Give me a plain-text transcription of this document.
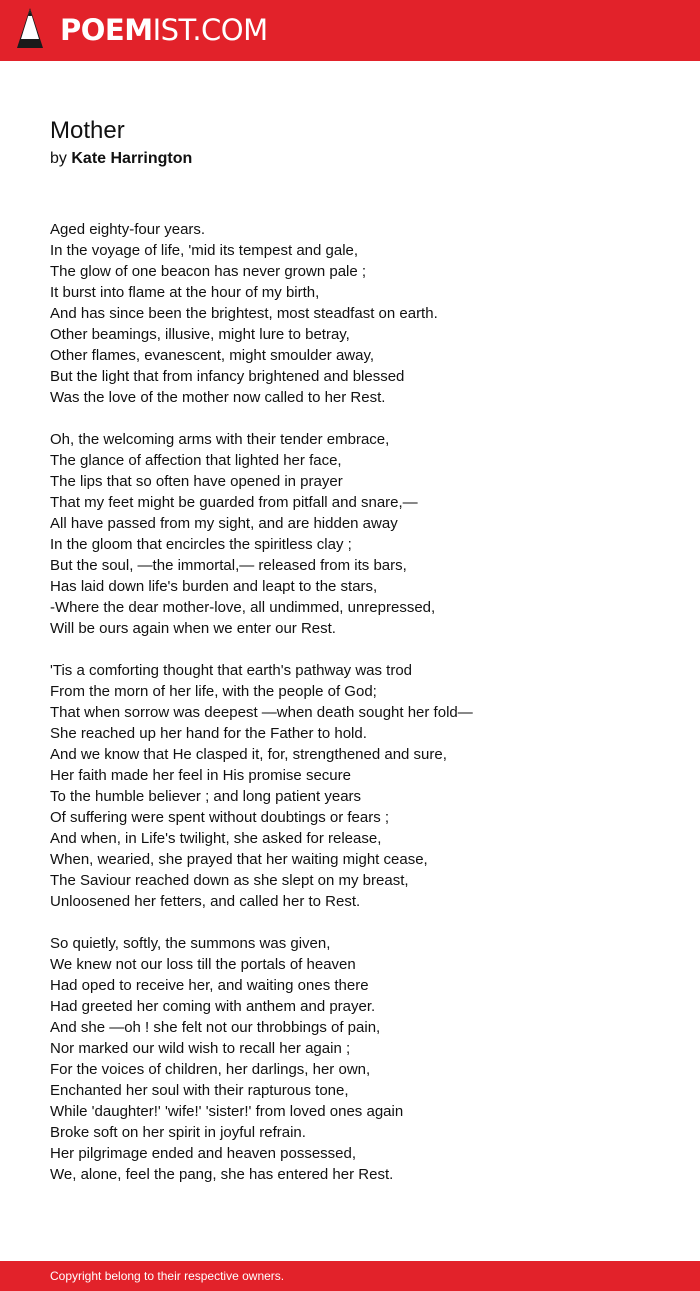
POEMIST.COM
Mother
by Kate Harrington
Aged eighty-four years.
In the voyage of life, 'mid its tempest and gale,
The glow of one beacon has never grown pale ;
It burst into flame at the hour of my birth,
And has since been the brightest, most steadfast on earth.
Other beamings, illusive, might lure to betray,
Other flames, evanescent, might smoulder away,
But the light that from infancy brightened and blessed
Was the love of the mother now called to her Rest.
Oh, the welcoming arms with their tender embrace,
The glance of affection that lighted her face,
The lips that so often have opened in prayer
That my feet might be guarded from pitfall and snare,—
All have passed from my sight, and are hidden away
In the gloom that encircles the spiritless clay ;
But the soul, —the immortal,— released from its bars,
Has laid down life's burden and leapt to the stars,
-Where the dear mother-love, all undimmed, unrepressed,
Will be ours again when we enter our Rest.
'Tis a comforting thought that earth's pathway was trod
From the morn of her life, with the people of God;
That when sorrow was deepest —when death sought her fold—
She reached up her hand for the Father to hold.
And we know that He clasped it, for, strengthened and sure,
Her faith made her feel in His promise secure
To the humble believer ; and long patient years
Of suffering were spent without doubtings or fears ;
And when, in Life's twilight, she asked for release,
When, wearied, she prayed that her waiting might cease,
The Saviour reached down as she slept on my breast,
Unloosened her fetters, and called her to Rest.
So quietly, softly, the summons was given,
We knew not our loss till the portals of heaven
Had oped to receive her, and waiting ones there
Had greeted her coming with anthem and prayer.
And she —oh ! she felt not our throbbings of pain,
Nor marked our wild wish to recall her again ;
For the voices of children, her darlings, her own,
Enchanted her soul with their rapturous tone,
While 'daughter!' 'wife!' 'sister!' from loved ones again
Broke soft on her spirit in joyful refrain.
Her pilgrimage ended and heaven possessed,
We, alone, feel the pang, she has entered her Rest.
Copyright belong to their respective owners.
